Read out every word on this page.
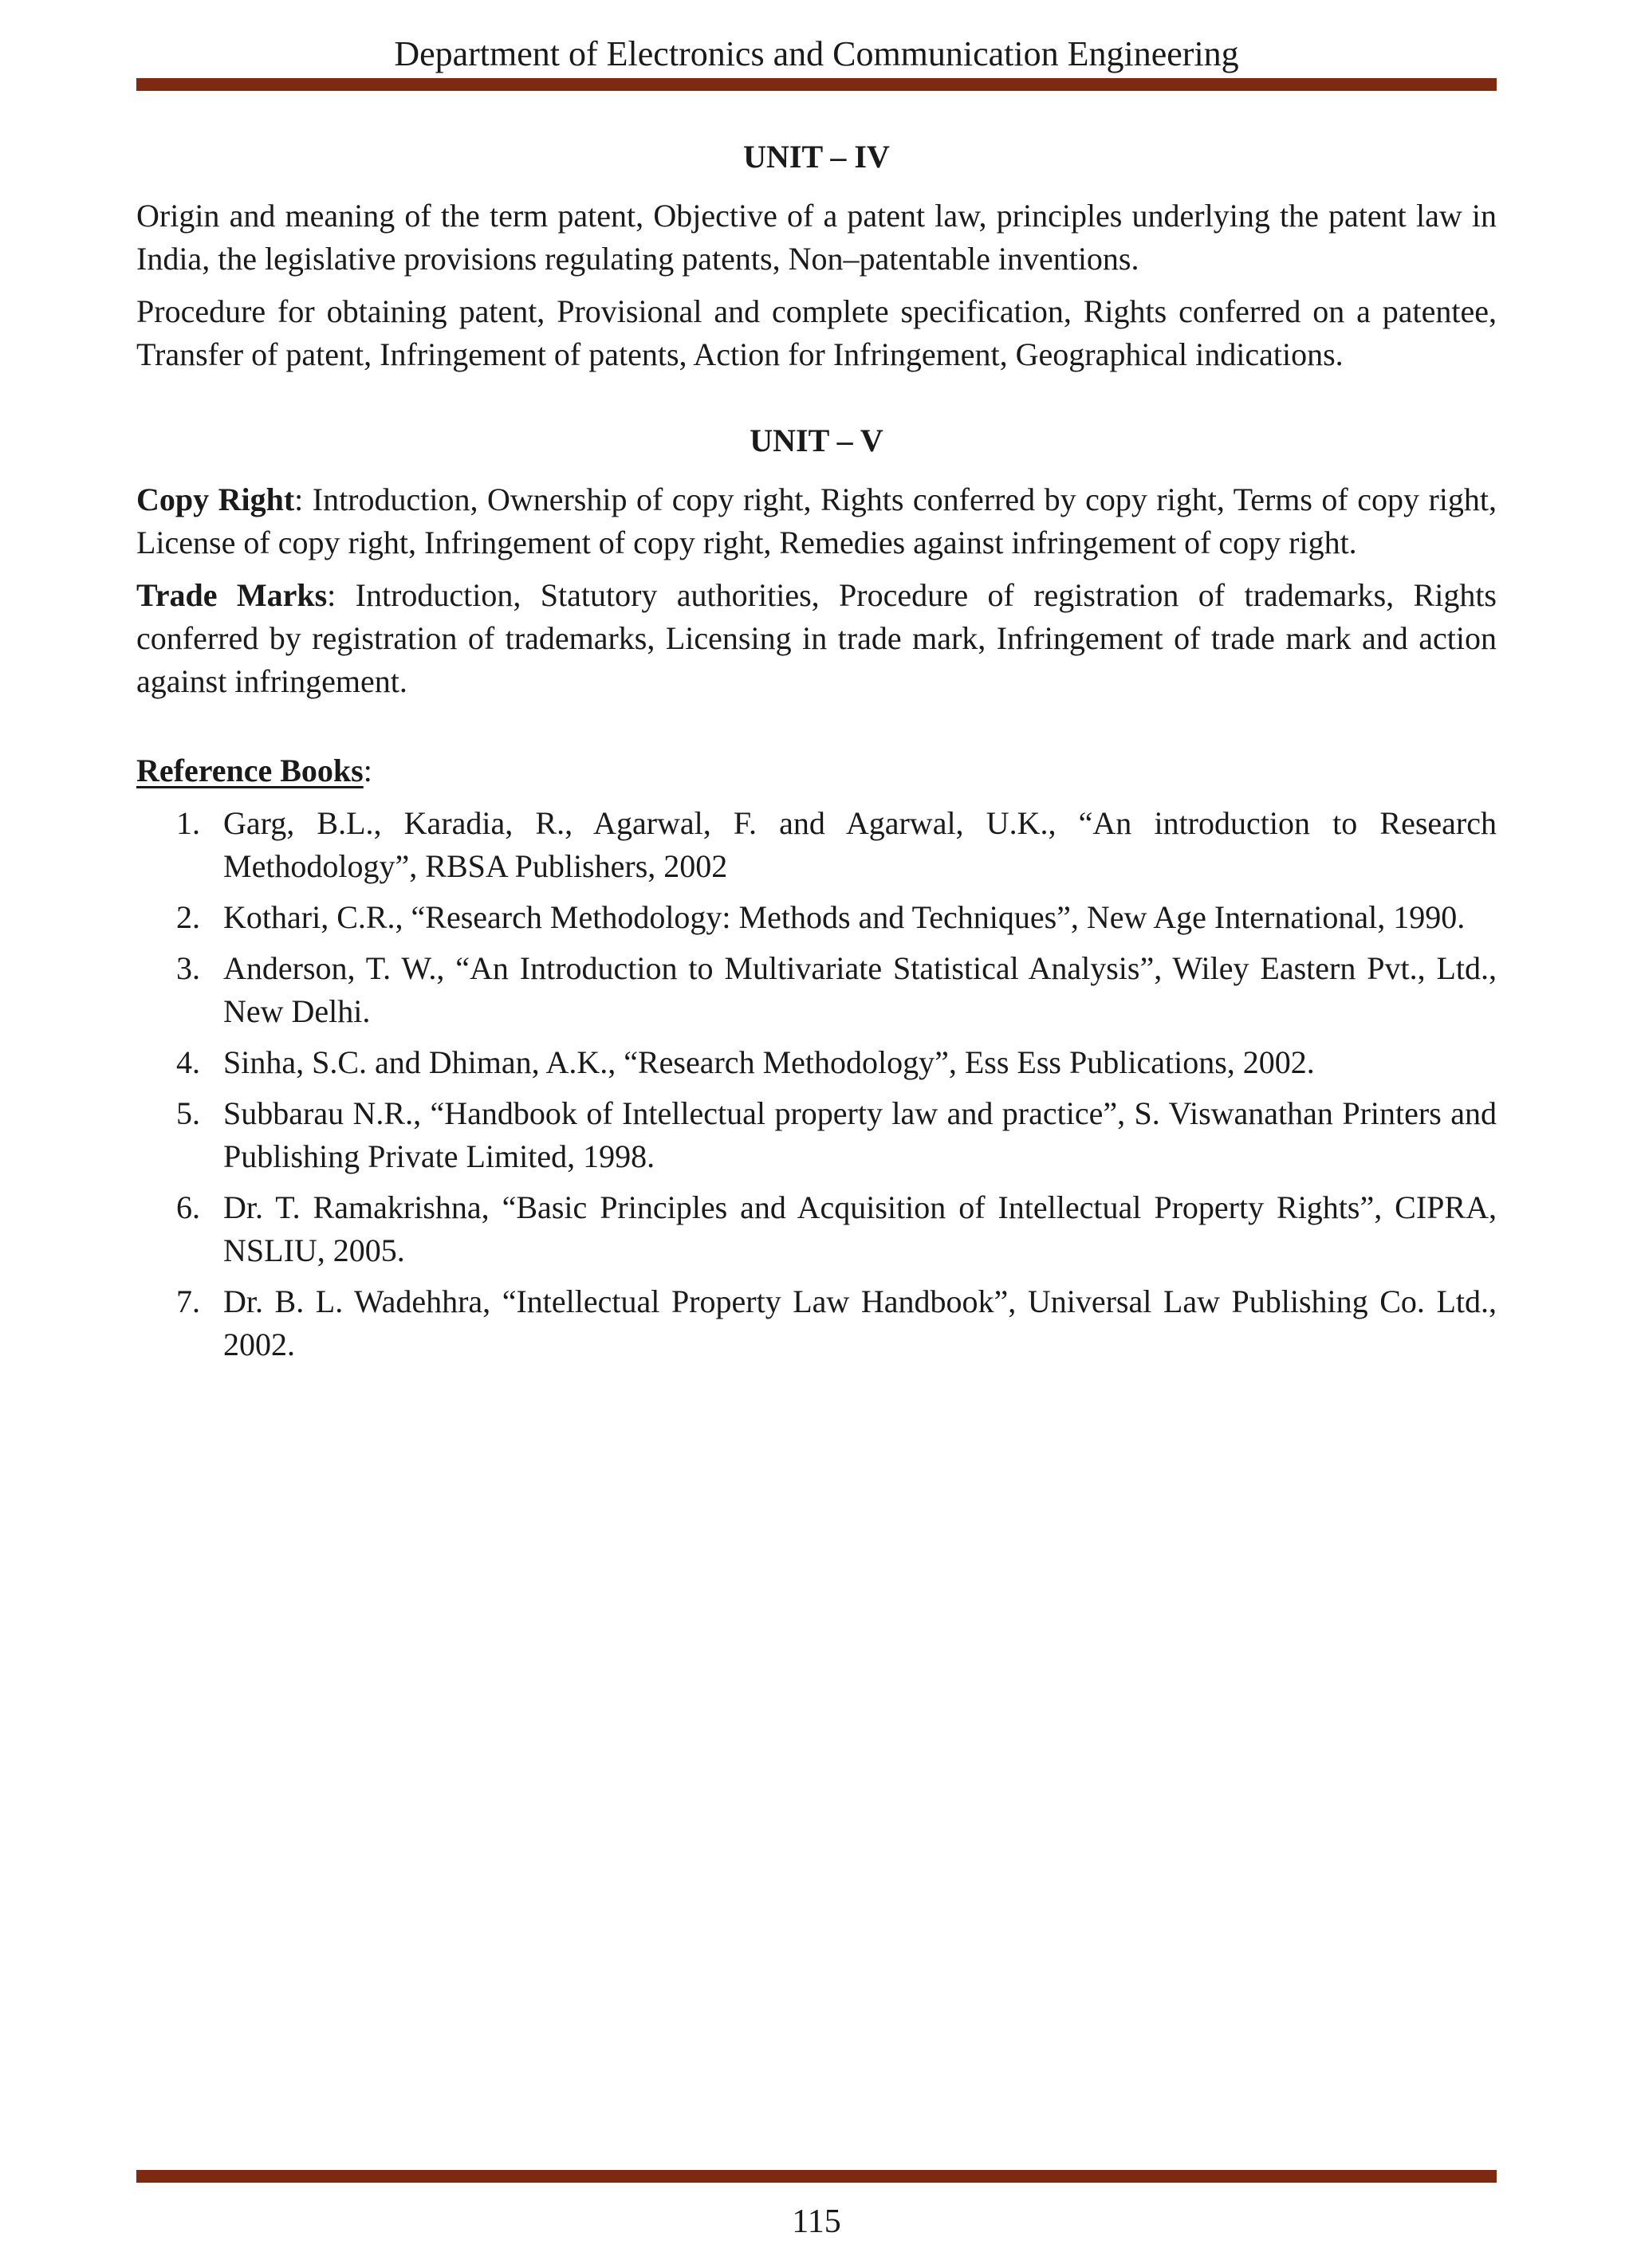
Department of Electronics and Communication Engineering
UNIT – IV

Origin and meaning of the term patent, Objective of a patent law, principles underlying the patent law in India, the legislative provisions regulating patents, Non–patentable inventions.

Procedure for obtaining patent, Provisional and complete specification, Rights conferred on a patentee, Transfer of patent, Infringement of patents, Action for Infringement, Geographical indications.

UNIT – V

Copy Right: Introduction, Ownership of copy right, Rights conferred by copy right, Terms of copy right, License of copy right, Infringement of copy right, Remedies against infringement of copy right.

Trade Marks: Introduction, Statutory authorities, Procedure of registration of trademarks, Rights conferred by registration of trademarks, Licensing in trade mark, Infringement of trade mark and action against infringement.

Reference Books:
1. Garg, B.L., Karadia, R., Agarwal, F. and Agarwal, U.K., “An introduction to Research Methodology”, RBSA Publishers, 2002
2. Kothari, C.R., “Research Methodology: Methods and Techniques”, New Age International, 1990.
3. Anderson, T. W., “An Introduction to Multivariate Statistical Analysis”, Wiley Eastern Pvt., Ltd., New Delhi.
4. Sinha, S.C. and Dhiman, A.K., “Research Methodology”, Ess Ess Publications, 2002.
5. Subbarau N.R., “Handbook of Intellectual property law and practice”, S. Viswanathan Printers and Publishing Private Limited, 1998.
6. Dr. T. Ramakrishna, “Basic Principles and Acquisition of Intellectual Property Rights”, CIPRA, NSLIU, 2005.
7. Dr. B. L. Wadehhra, “Intellectual Property Law Handbook”, Universal Law Publishing Co. Ltd., 2002.
115
